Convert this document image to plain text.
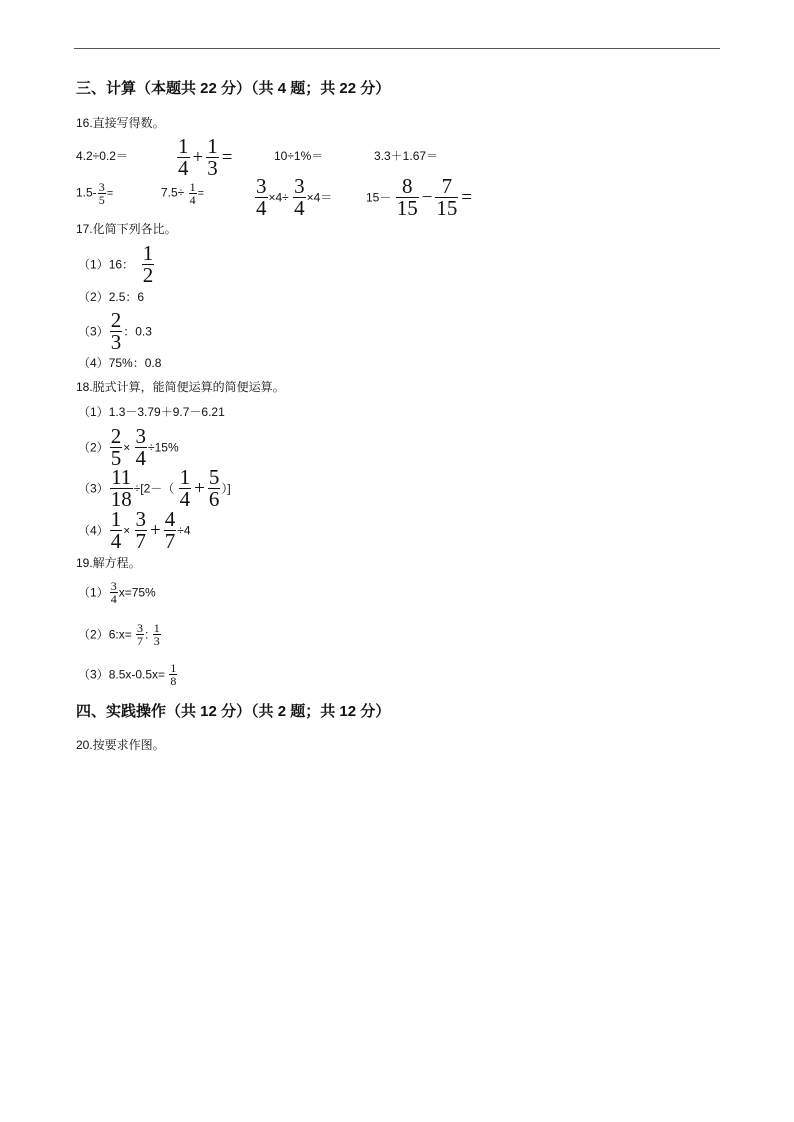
三、计算（本题共 22 分）（共 4 题；共 22 分）
16.直接写得数。
$4.2\div 0.2= \frac{1}{4} + \frac{1}{3}$ =	10÷1%＝	3.3＋1.67＝
$1.5- \frac{3}{5}$ =	$7.5\div \frac{1}{4} = \frac{3}{4} \times 4\div \frac{3}{4} \times 4=$	$15- \frac{8}{15} - \frac{7}{15}$ =
17.化简下列各比。
（1）16： $\frac{1}{2}$
（2）2.5：6
$(3) \frac{2}{3}$ ：0.3
（4）75%：0.8
18.脱式计算，能简便运算的简便运算。
（1）1.3－3.79＋9.7－6.21
$(2) \frac{2}{5} \times \frac{3}{4} \div 15\%$
$(3) \frac{11}{18} \div[2-( \frac{1}{4} + \frac{5}{6}$ ）]
$(4) \frac{1}{4} \times \frac{3}{7} + \frac{4}{7} \div 4$
19.解方程。
$(1) \frac{3}{4} x=75\%$
（2）6:x= $\frac{3}{7}$ : $\frac{1}{3}$
$(3)8.5x-0.5x= \frac{1}{8}$
四、实践操作（共 12 分）（共 2 题；共 12 分）
20.按要求作图。
